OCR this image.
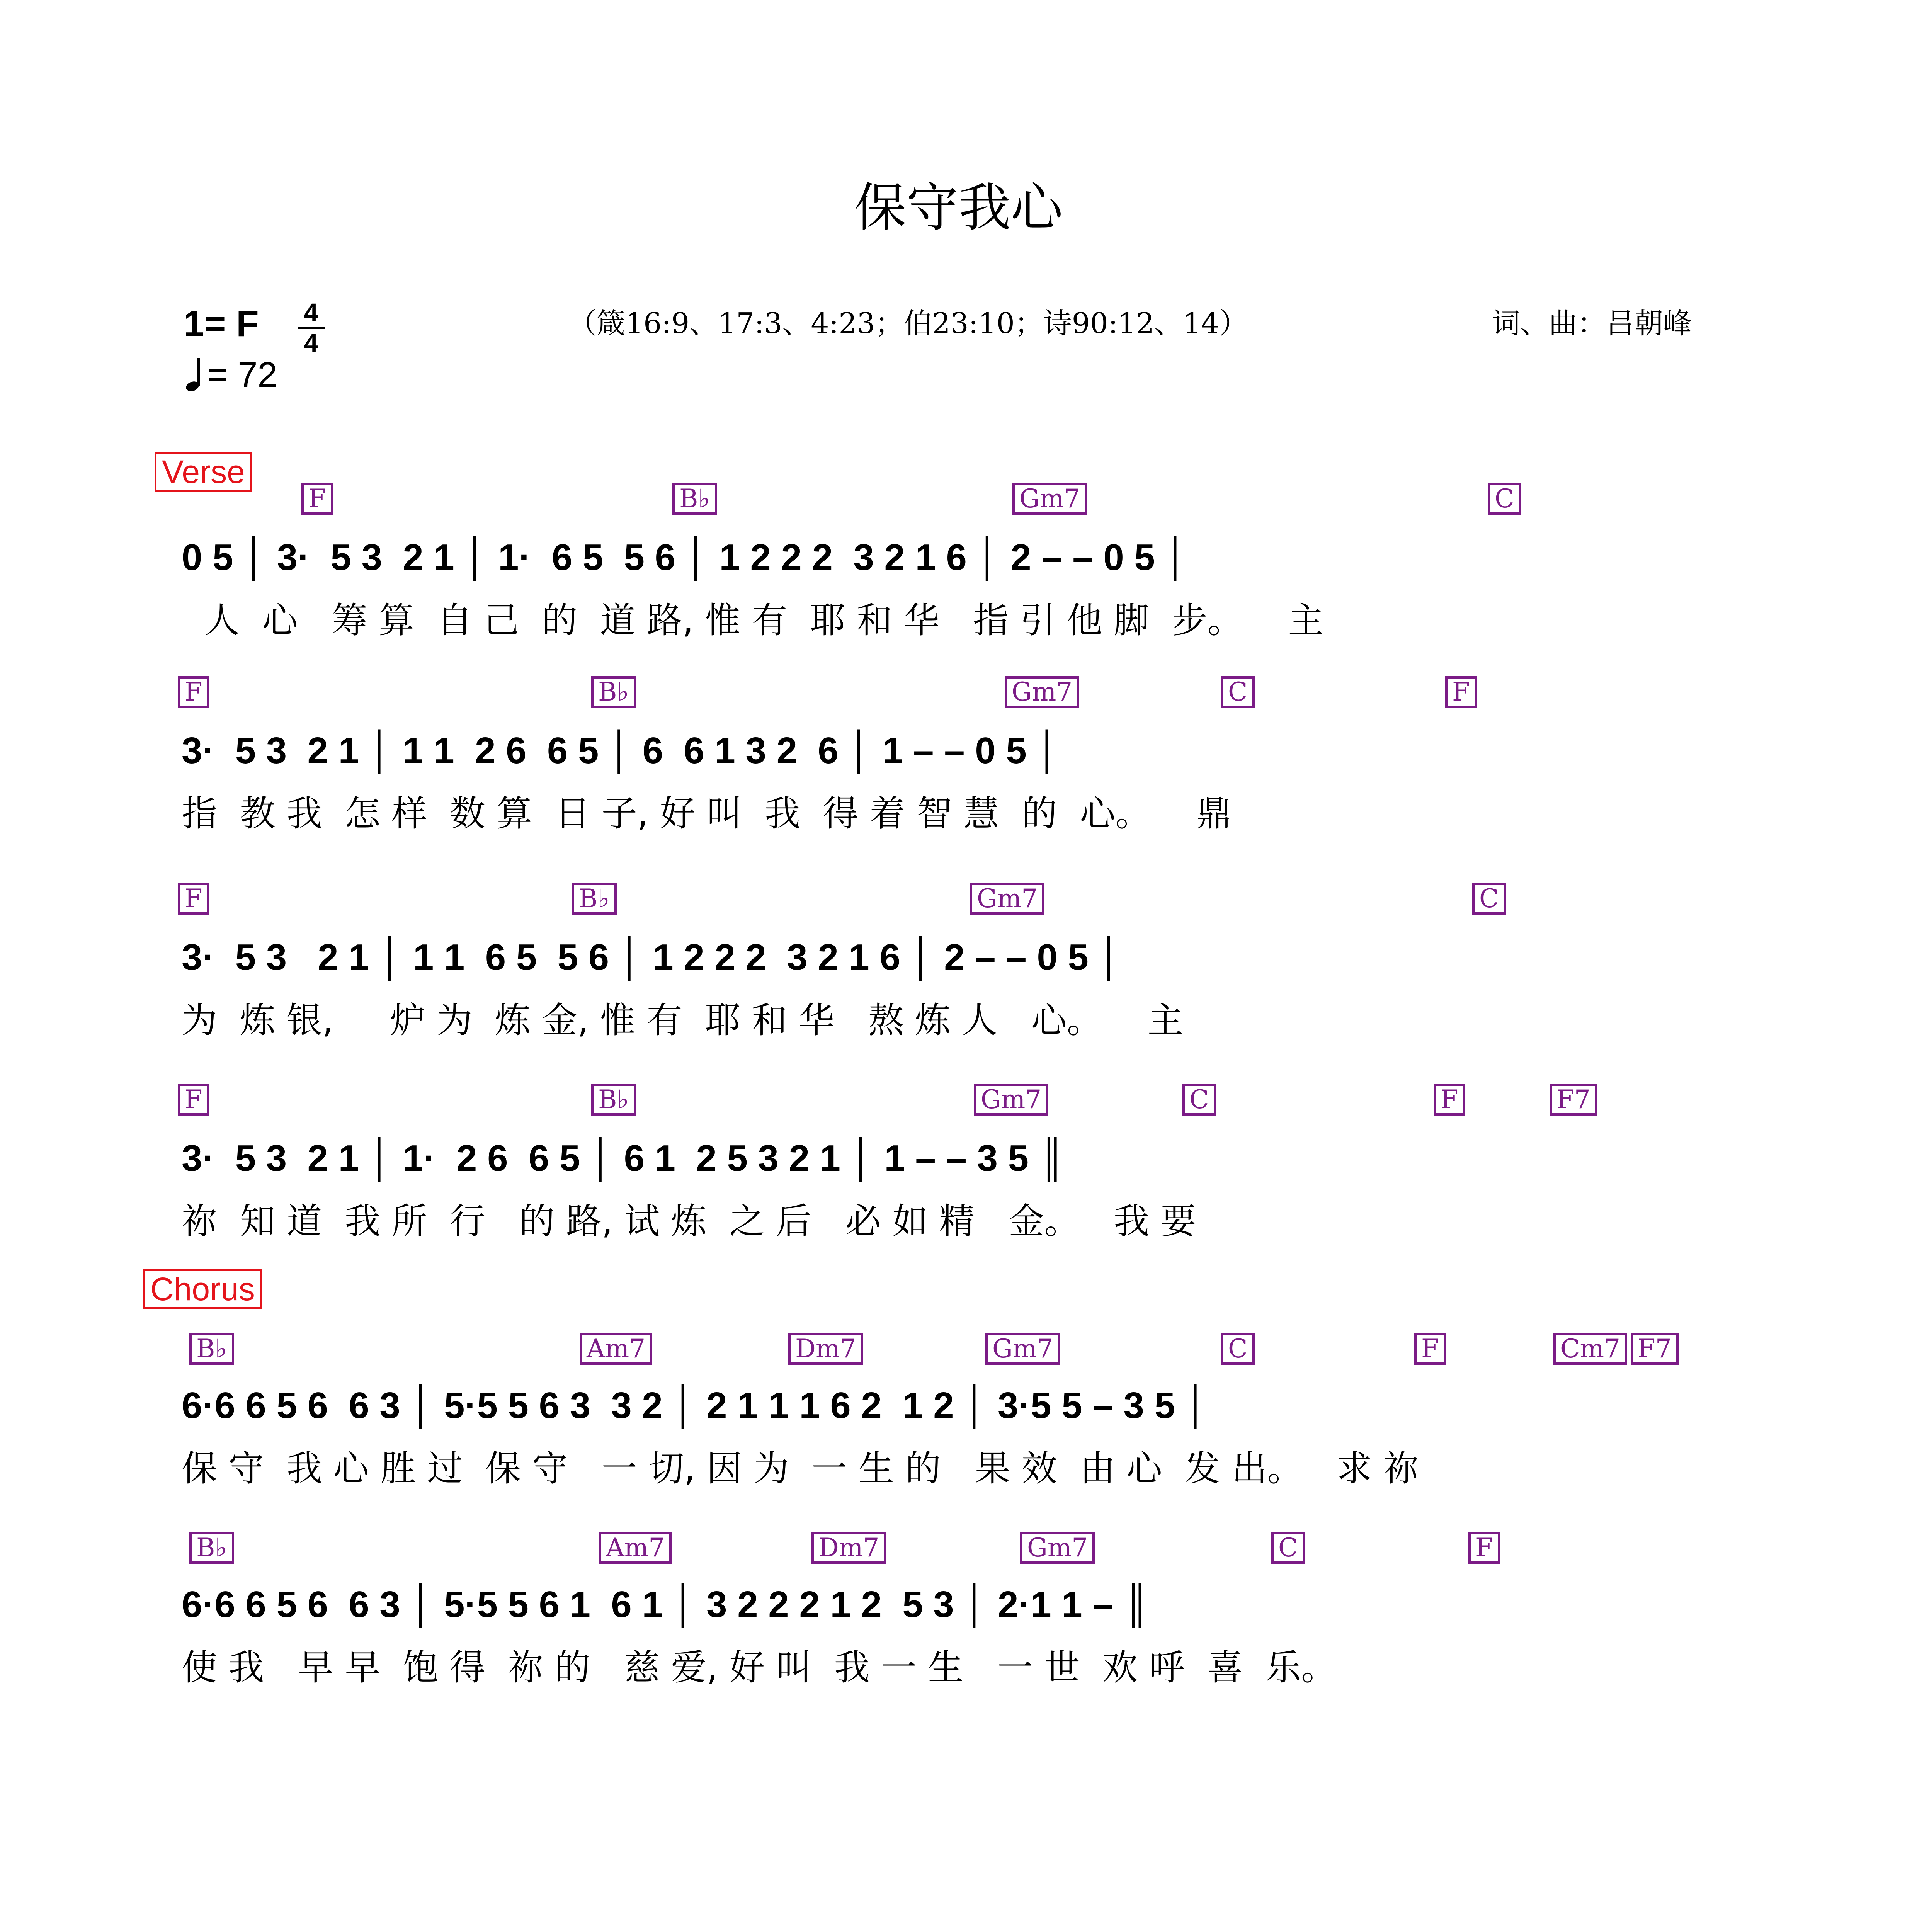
保守我心
1= F $\frac{4}{4}$
= 72
（箴16:9、17:3、4:23；伯23:10；诗90:12、14）	词、曲：吕朝峰
Verse
F	B♭	Gm7	C
0 5 │ 3·  5 3  2 1 │ 1·  6 5  5 6 │ 1 2 2 2  3 2 1 6 │ 2 – – 0 5 │
人  心   筹 算  自 己  的  道 路, 惟 有  耶 和 华   指 引 他 脚  步。    主
F	B♭	Gm7	C	F
3·  5 3  2 1 │ 1 1  2 6  6 5 │ 6  6 1 3 2  6 │ 1 – – 0 5 │
指  教 我  怎 样  数 算  日 子, 好 叫  我  得 着 智 慧  的  心。    鼎
F	B♭	Gm7	C
3·  5 3   2 1 │ 1 1  6 5  5 6 │ 1 2 2 2  3 2 1 6 │ 2 – – 0 5 │
为  炼 银,     炉 为  炼 金, 惟 有  耶 和 华   熬 炼 人   心。    主
F	B♭	Gm7	C	F	F7
3·  5 3  2 1 │ 1·  2 6  6 5 │ 6 1  2 5 3 2 1 │ 1 – – 3 5 ║
祢  知 道  我 所  行   的 路, 试 炼  之 后   必 如 精   金。   我 要
Chorus
B♭	Am7	Dm7	Gm7	C	F	Cm7 F7
6·6 6 5 6  6 3 │ 5·5 5 6 3  3 2 │ 2 1 1 1 6 2  1 2 │ 3·5 5 – 3 5 │
保 守  我 心 胜 过  保 守   一 切, 因 为  一 生 的   果 效  由 心  发 出。   求 祢
B♭	Am7	Dm7	Gm7	C	F
6·6 6 5 6  6 3 │ 5·5 5 6 1  6 1 │ 3 2 2 2 1 2  5 3 │ 2·1 1 – ║
使 我   早 早  饱 得  祢 的   慈 爱, 好 叫  我 一 生   一 世  欢 呼  喜  乐。
